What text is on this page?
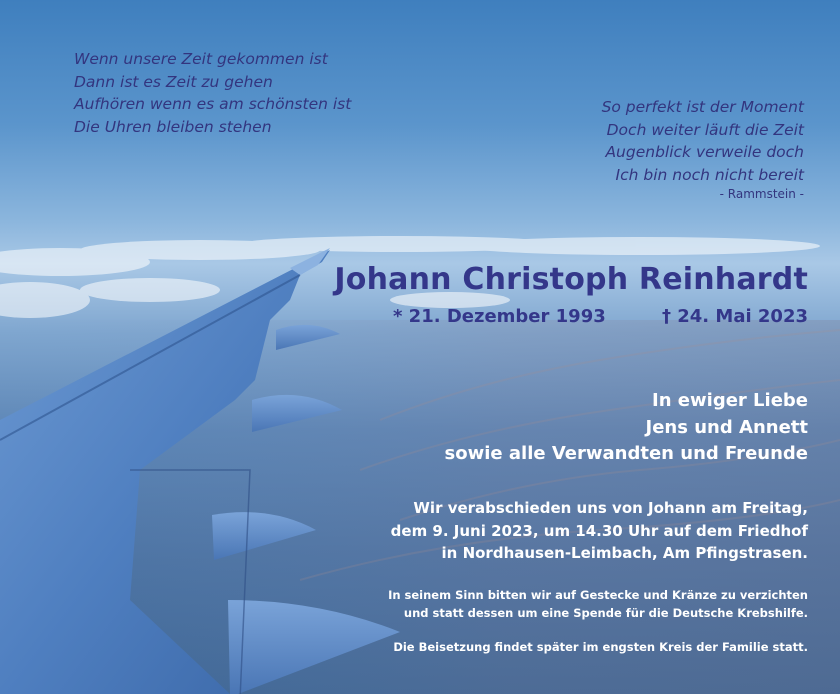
Wenn unsere Zeit gekommen ist
Dann ist es Zeit zu gehen
Aufhören wenn es am schönsten ist
Die Uhren bleiben stehen
So perfekt ist der Moment
Doch weiter läuft die Zeit
Augenblick verweile doch
Ich bin noch nicht bereit
- Rammstein -
Johann Christoph Reinhardt
* 21. Dezember 1993	† 24. Mai 2023
In ewiger Liebe
Jens und Annett
sowie alle Verwandten und Freunde
Wir verabschieden uns von Johann am Freitag,
dem 9. Juni 2023, um 14.30 Uhr auf dem Friedhof
in Nordhausen-Leimbach, Am Pfingstrasen.
In seinem Sinn bitten wir auf Gestecke und Kränze zu verzichten
und statt dessen um eine Spende für die Deutsche Krebshilfe.
Die Beisetzung findet später im engsten Kreis der Familie statt.
